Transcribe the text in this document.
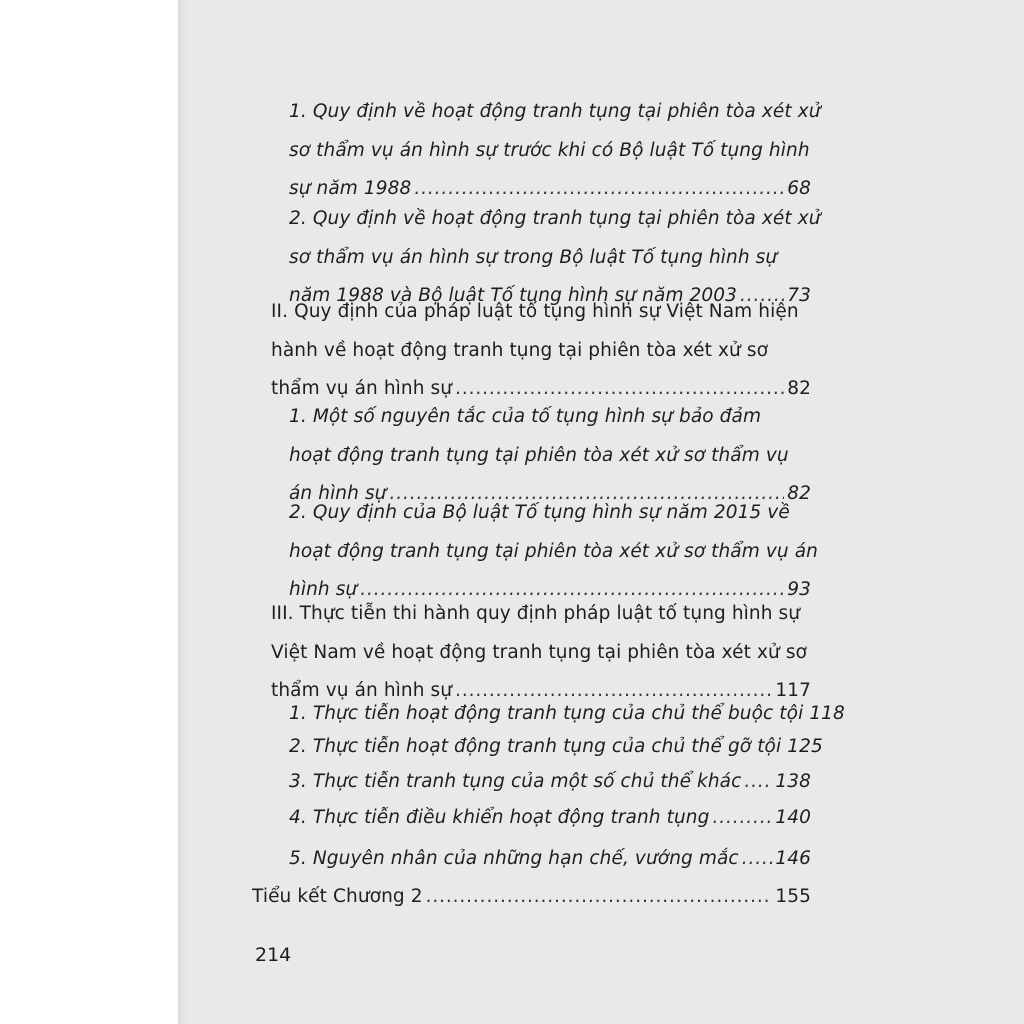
1. Quy định về hoạt động tranh tụng tại phiên tòa xét xử
sơ thẩm vụ án hình sự trước khi có Bộ luật Tố tụng hình
sự năm 1988 . . .	68
2. Quy định về hoạt động tranh tụng tại phiên tòa xét xử
sơ thẩm vụ án hình sự trong Bộ luật Tố tụng hình sự
năm 1988 và Bộ luật Tố tụng hình sự năm 2003 . . .	73
II. Quy định của pháp luật tố tụng hình sự Việt Nam hiện
hành về hoạt động tranh tụng tại phiên tòa xét xử sơ
thẩm vụ án hình sự . . .	82
1. Một số nguyên tắc của tố tụng hình sự bảo đảm
hoạt động tranh tụng tại phiên tòa xét xử sơ thẩm vụ
án hình sự . . .	82
2. Quy định của Bộ luật Tố tụng hình sự năm 2015 về
hoạt động tranh tụng tại phiên tòa xét xử sơ thẩm vụ án
hình sự . . .	93
III. Thực tiễn thi hành quy định pháp luật tố tụng hình sự
Việt Nam về hoạt động tranh tụng tại phiên tòa xét xử sơ
thẩm vụ án hình sự . . .	117
1. Thực tiễn hoạt động tranh tụng của chủ thể buộc tội 118
2. Thực tiễn hoạt động tranh tụng của chủ thể gỡ tội 125
3. Thực tiễn tranh tụng của một số chủ thể khác . . . 138
4. Thực tiễn điều khiển hoạt động tranh tụng . . .	140
5. Nguyên nhân của những hạn chế, vướng mắc . . . 146
Tiểu kết Chương 2 . . .	155
214
